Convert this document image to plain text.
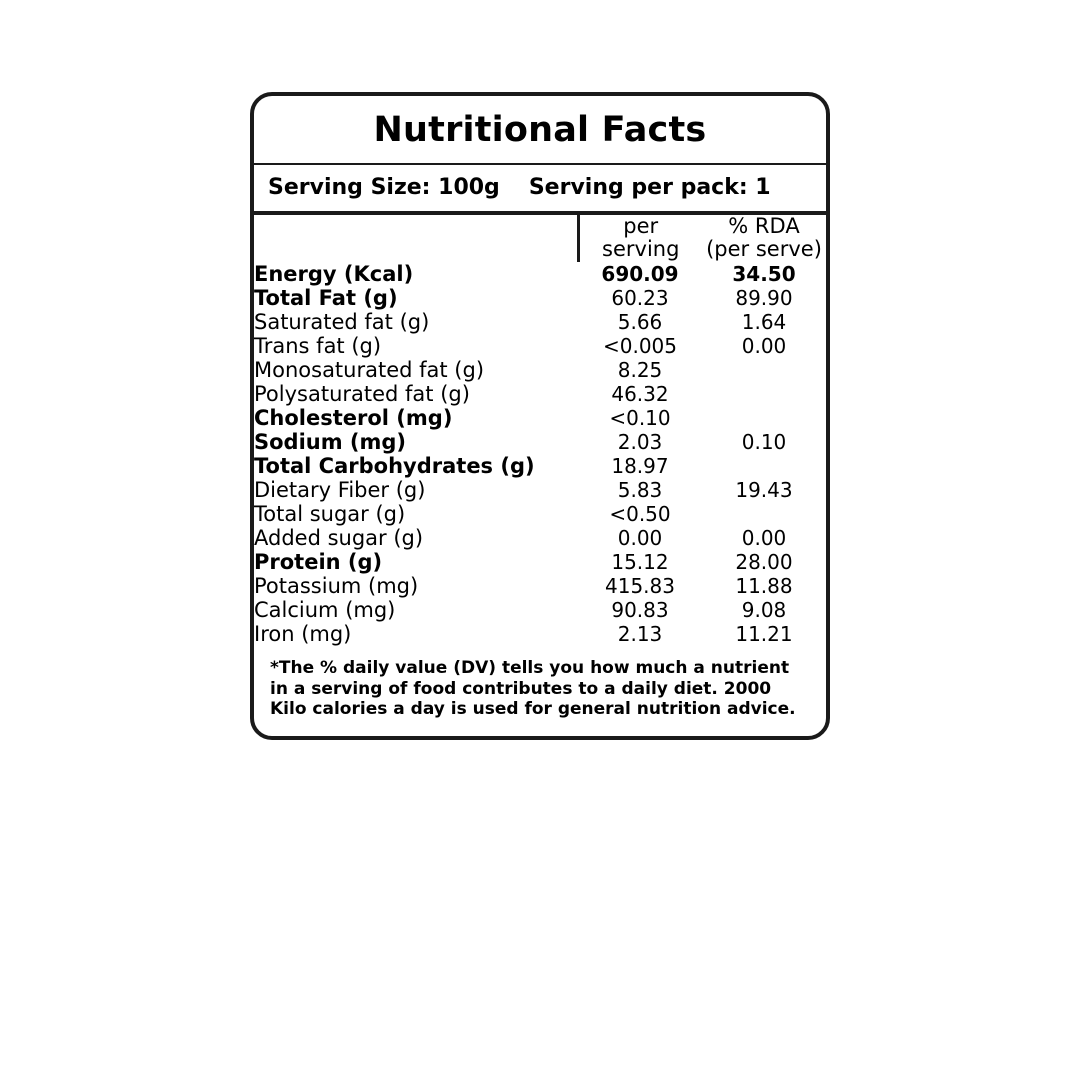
Nutritional Facts
Serving Size: 100g	Serving per pack: 1

per
serving

% RDA
(per serve)

Energy (Kcal)	690.09	34.50
Total Fat (g)	60.23	89.90
Saturated fat (g)	5.66	1.64
Trans fat (g)	<0.005	0.00
Monosaturated fat (g)	8.25	
Polysaturated fat (g)	46.32	
Cholesterol (mg)	<0.10	
Sodium (mg)	2.03	0.10
Total Carbohydrates (g)	18.97	
Dietary Fiber (g)	5.83	19.43
Total sugar (g)	<0.50	
Added sugar (g)	0.00	0.00
Protein (g)	15.12	28.00
Potassium (mg)	415.83	11.88
Calcium (mg)	90.83	9.08
Iron (mg)	2.13	11.21
*The % daily value (DV) tells you how much a nutrient in a serving of food contributes to a daily diet. 2000 Kilo calories a day is used for general nutrition advice.
